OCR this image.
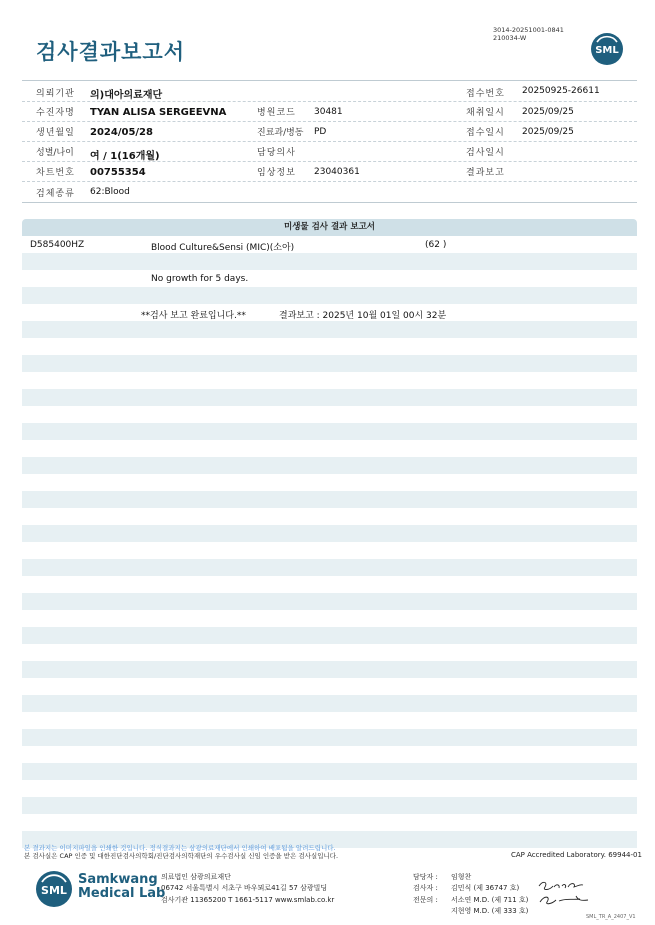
검사결과보고서
3014-20251001-0841
210034-W
SML
의뢰기관 의)대아의료재단	접수번호 20250925-26611
수진자명 TYAN ALISA SERGEEVNA	병원코드 30481	채취일시 2025/09/25
생년월일 2024/05/28	진료과/병동 PD	접수일시 2025/09/25
성별/나이 여 / 1(16개월)	담당의사	검사일시
차트번호 00755354	임상정보 23040361	결과보고
검체종류 62:Blood
미생물 검사 결과 보고서
D585400HZ	Blood Culture&Sensi (MIC)(소아)	(62 )
No growth for 5 days.
**검사 보고 완료입니다.**	결과보고 : 2025년 10월 01일 00시 32분
본 결과지는 이미지파일을 인쇄한 것입니다. 정식결과지는 삼광의료재단에서 인쇄하여 배포됨을 알려드립니다.
본 검사실은 CAP 인증 및 대한진단검사의학회/진단검사의학재단의 우수검사실 신임 인증을 받은 검사실입니다.	CAP Accredited Laboratory. 69944-01
SML
Samkwang
Medical Lab
의료법인 삼광의료재단
06742 서울특별시 서초구 바우뫼로41길 57 삼광빌딩
검사기관 11365200 T 1661-5117 www.smlab.co.kr
담당자 : 임형찬
검사자 : 김민식 (제 36747 호)
전문의 : 서소연 M.D. (제 711 호)
지현영 M.D. (제 333 호)
SML_TR_A_2407_V1
